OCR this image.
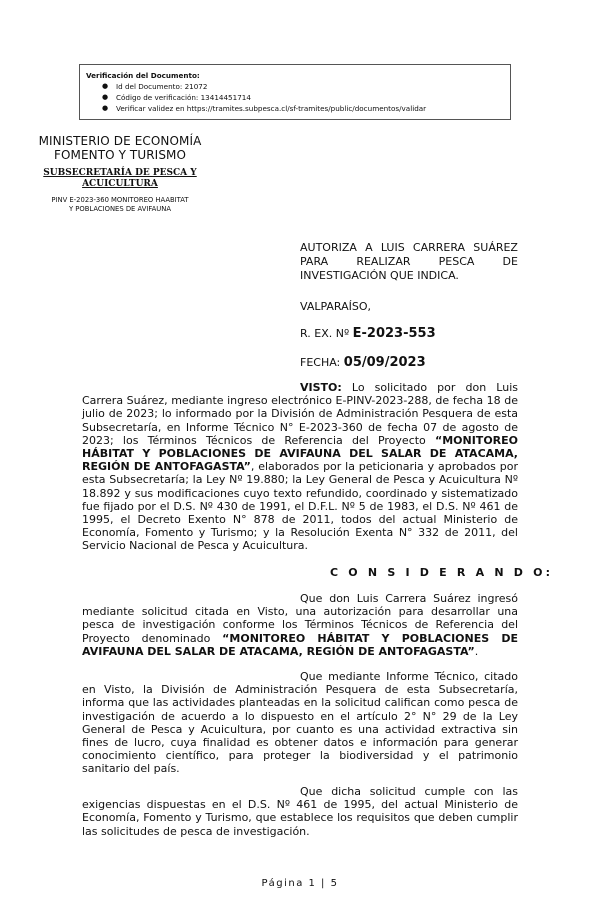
Verificación del Documento:
● Id del Documento: 21072
● Código de verificación: 13414451714
● Verificar validez en https://tramites.subpesca.cl/sf-tramites/public/documentos/validar
MINISTERIO DE ECONOMÍA
FOMENTO Y TURISMO
SUBSECRETARÍA DE PESCA Y
ACUICULTURA
PINV E-2023-360 MONITOREO HAABITAT
Y POBLACIONES DE AVIFAUNA
AUTORIZA A LUIS CARRERA SUÁREZ
PARA	REALIZAR	PESCA	DE
INVESTIGACIÓN QUE INDICA.
VALPARAÍSO,
R. EX. Nº E-2023-553
FECHA: 05/09/2023
VISTO: Lo solicitado por don Luis Carrera Suárez, mediante ingreso electrónico E-PINV-2023-288, de fecha 18 de julio de 2023; lo informado por la División de Administración Pesquera de esta Subsecretaría, en Informe Técnico N° E-2023-360 de fecha 07 de agosto de 2023; los Términos Técnicos de Referencia del Proyecto “MONITOREO HÁBITAT Y POBLACIONES DE AVIFAUNA DEL SALAR DE ATACAMA, REGIÓN DE ANTOFAGASTA”, elaborados por la peticionaria y aprobados por esta Subsecretaría; la Ley Nº 19.880; la Ley General de Pesca y Acuicultura Nº 18.892 y sus modificaciones cuyo texto refundido, coordinado y sistematizado fue fijado por el D.S. Nº 430 de 1991, el D.F.L. Nº 5 de 1983, el D.S. Nº 461 de 1995, el Decreto Exento N° 878 de 2011, todos del actual Ministerio de Economía, Fomento y Turismo; y la Resolución Exenta N° 332 de 2011, del Servicio Nacional de Pesca y Acuicultura.
C O N S I D E R A N D O:
Que don Luis Carrera Suárez ingresó mediante solicitud citada en Visto, una autorización para desarrollar una pesca de investigación conforme los Términos Técnicos de Referencia del Proyecto denominado “MONITOREO HÁBITAT Y POBLACIONES DE AVIFAUNA DEL SALAR DE ATACAMA, REGIÓN DE ANTOFAGASTA”.
Que mediante Informe Técnico, citado en Visto, la División de Administración Pesquera de esta Subsecretaría, informa que las actividades planteadas en la solicitud califican como pesca de investigación de acuerdo a lo dispuesto en el artículo 2° N° 29 de la Ley General de Pesca y Acuicultura, por cuanto es una actividad extractiva sin fines de lucro, cuya finalidad es obtener datos e información para generar conocimiento científico, para proteger la biodiversidad y el patrimonio sanitario del país.
Que dicha solicitud cumple con las exigencias dispuestas en el D.S. Nº 461 de 1995, del actual Ministerio de Economía, Fomento y Turismo, que establece los requisitos que deben cumplir las solicitudes de pesca de investigación.
Página 1 | 5
